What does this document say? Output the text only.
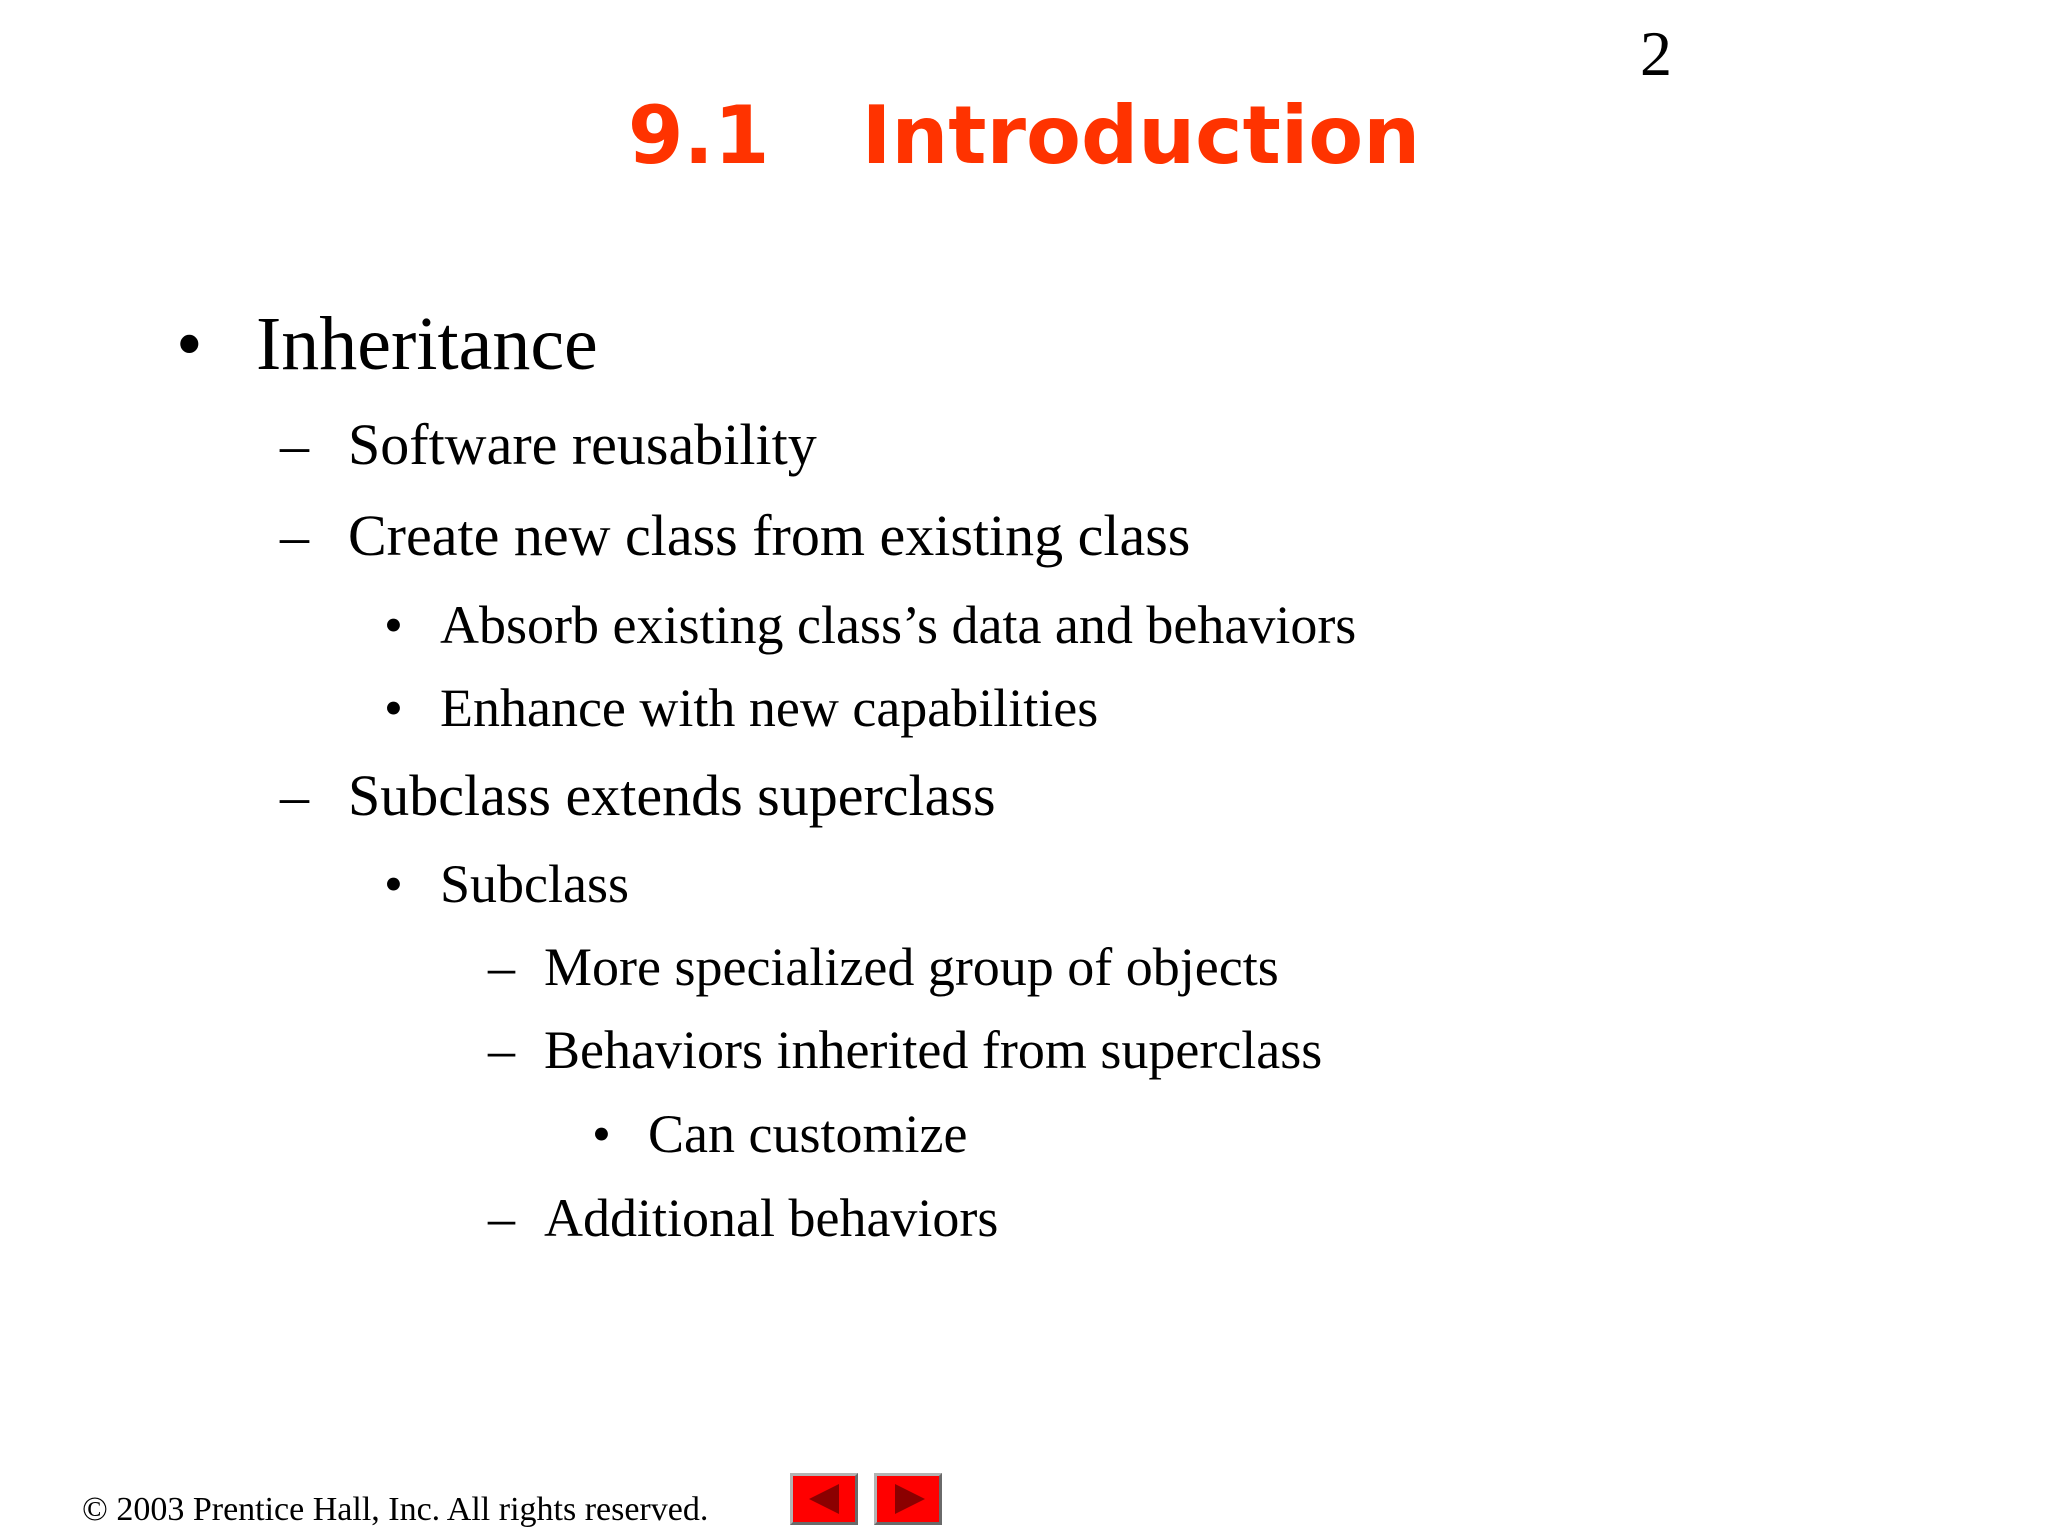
2
9.1 Introduction
• Inheritance
– Software reusability
– Create new class from existing class
• Absorb existing class’s data and behaviors
• Enhance with new capabilities
– Subclass extends superclass
• Subclass
– More specialized group of objects
– Behaviors inherited from superclass
• Can customize
– Additional behaviors
© 2003 Prentice Hall, Inc. All rights reserved.
